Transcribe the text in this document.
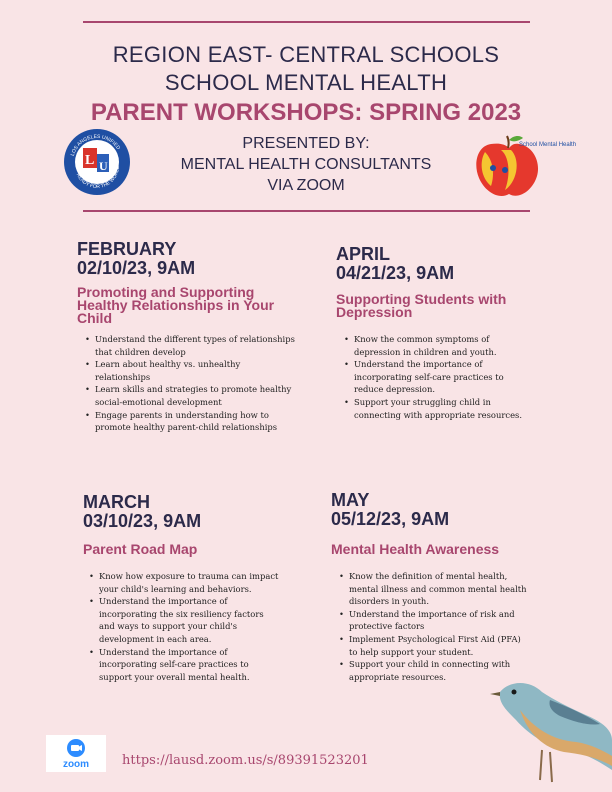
REGION EAST- CENTRAL SCHOOLS
SCHOOL MENTAL HEALTH
PARENT WORKSHOPS: SPRING 2023
PRESENTED BY:
MENTAL HEALTH CONSULTANTS
VIA ZOOM
L U
LOS ANGELES UNIFIED
READY FOR THE WORLD
School Mental Health
FEBRUARY
02/10/23, 9AM
Promoting and Supporting Healthy Relationships in Your Child
• Understand the different types of relationships that children develop
• Learn about healthy vs. unhealthy relationships
• Learn skills and strategies to promote healthy social-emotional development
• Engage parents in understanding how to promote healthy parent-child relationships
APRIL
04/21/23, 9AM
Supporting Students with Depression
• Know the common symptoms of depression in children and youth.
• Understand the importance of incorporating self-care practices to reduce depression.
• Support your struggling child in connecting with appropriate resources.
MARCH
03/10/23, 9AM
Parent Road Map
• Know how exposure to trauma can impact your child's learning and behaviors.
• Understand the importance of incorporating the six resiliency factors and ways to support your child's development in each area.
• Understand the importance of incorporating self-care practices to support your overall mental health.
MAY
05/12/23, 9AM
Mental Health Awareness
• Know the definition of mental health, mental illness and common mental health disorders in youth.
• Understand the importance of risk and protective factors
• Implement Psychological First Aid (PFA) to help support your student.
• Support your child in connecting with appropriate resources.
zoom	https://lausd.zoom.us/s/89391523201
